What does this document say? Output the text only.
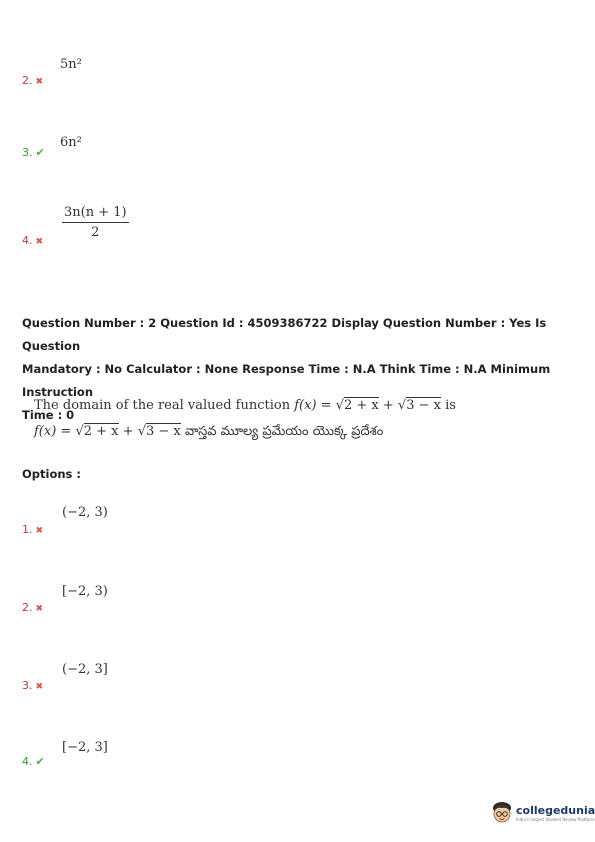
5n²
2. ✖
6n²
3. ✔
$\frac{3n(n + 1)}{2}$
4. ✖
Question Number : 2 Question Id : 4509386722 Display Question Number : Yes Is Question
Mandatory : No Calculator : None Response Time : N.A Think Time : N.A Minimum Instruction
Time : 0
The domain of the real valued function f(x) = √2 + x + √3 − x is
f(x) = √2 + x + √3 − x వాస్తవ మూల్య ప్రమేయం యొక్క ప్రదేశం
Options :
(−2, 3)
1. ✖
[−2, 3)
2. ✖
(−2, 3]
3. ✖
[−2, 3]
4. ✔
collegedunia
India's largest Student Review Platform
